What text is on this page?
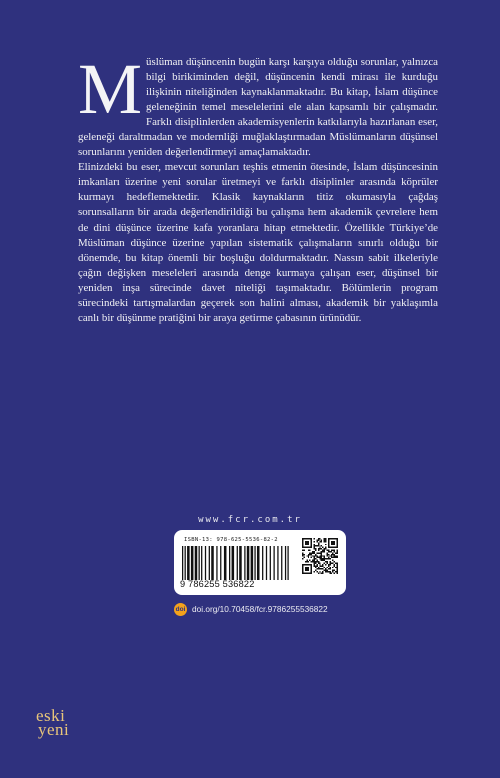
Müslüman düşüncenin bugün karşı karşıya olduğu sorunlar, yalnızca bilgi birikiminden değil, düşüncenin kendi mirası ile kurduğu ilişkinin niteliğinden kaynaklanmaktadır. Bu kitap, İslam düşünce geleneğinin temel meselelerini ele alan kapsamlı bir çalışmadır. Farklı disiplinlerden akademisyenlerin katkılarıyla hazırlanan eser, geleneği daraltmadan ve modernliği muğlaklaştırmadan Müslümanların düşünsel sorunlarını yeniden değerlendirmeyi amaçlamaktadır.

Elinizdeki bu eser, mevcut sorunları teşhis etmenin ötesinde, İslam düşüncesinin imkanları üzerine yeni sorular üretmeyi ve farklı disiplinler arasında köprüler kurmayı hedeflemektedir. Klasik kaynakların titiz okumasıyla çağdaş sorunsalların bir arada değerlendirildiği bu çalışma hem akademik çevrelere hem de dini düşünce üzerine kafa yoranlara hitap etmektedir. Özellikle Türkiye’de Müslüman düşünce üzerine yapılan sistematik çalışmaların sınırlı olduğu bir dönemde, bu kitap önemli bir boşluğu doldurmaktadır. Nassın sabit ilkeleriyle çağın değişken meseleleri arasında denge kurmaya çalışan eser, düşünsel bir yeniden inşa sürecinde davet niteliği taşımaktadır. Bölümlerin program sürecindeki tartışmalardan geçerek son halini alması, akademik bir yaklaşımla canlı bir düşünme pratiğini bir araya getirme çabasının ürünüdür.

www.fcr.com.tr
ISBN-13: 978-625-5536-82-2
9 786255 536822
doi doi.org/10.70458/fcr.9786255536822
eski
yeni
